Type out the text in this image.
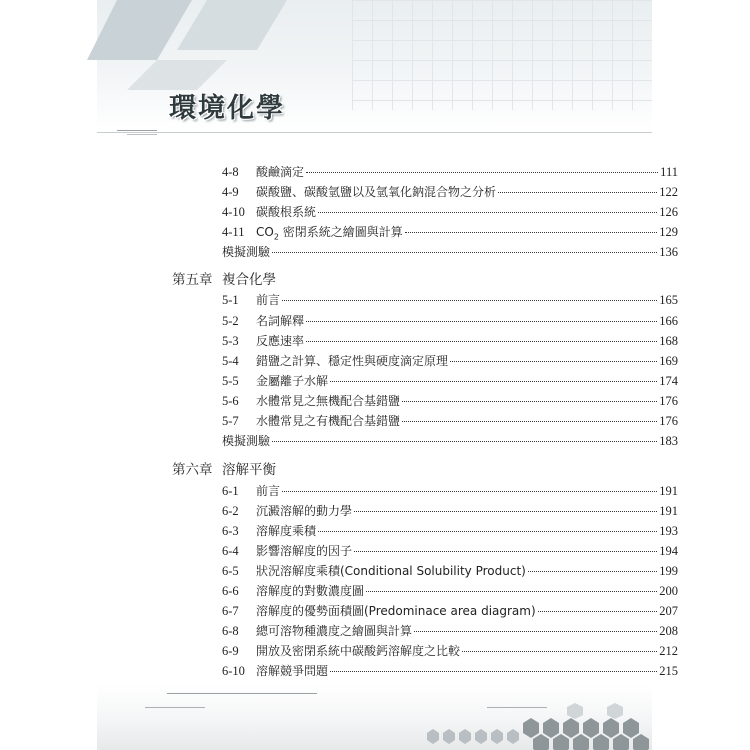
環境化學
4-8	酸鹼滴定	111
4-9	碳酸鹽、碳酸氫鹽以及氫氧化鈉混合物之分析	122
4-10 碳酸根系統	126
4-11 $CO_2$ 密閉系統之繪圖與計算	129
模擬測驗	136
第五章 複合化學
5-1	前言	165
5-2	名詞解釋	166
5-3	反應速率	168
5-4	錯鹽之計算、穩定性與硬度滴定原理	169
5-5	金屬離子水解	174
5-6	水體常見之無機配合基錯鹽	176
5-7	水體常見之有機配合基錯鹽	176
模擬測驗	183
第六章 溶解平衡
6-1	前言	191
6-2	沉澱溶解的動力學	191
6-3	溶解度乘積	193
6-4	影響溶解度的因子	194
6-5	狀況溶解度乘積(Conditional Solubility Product)	199
6-6	溶解度的對數濃度圖	200
6-7	溶解度的優勢面積圖(Predominace area diagram)	207
6-8	總可溶物種濃度之繪圖與計算	208
6-9	開放及密閉系統中碳酸鈣溶解度之比較	212
6-10 溶解競爭問題	215
